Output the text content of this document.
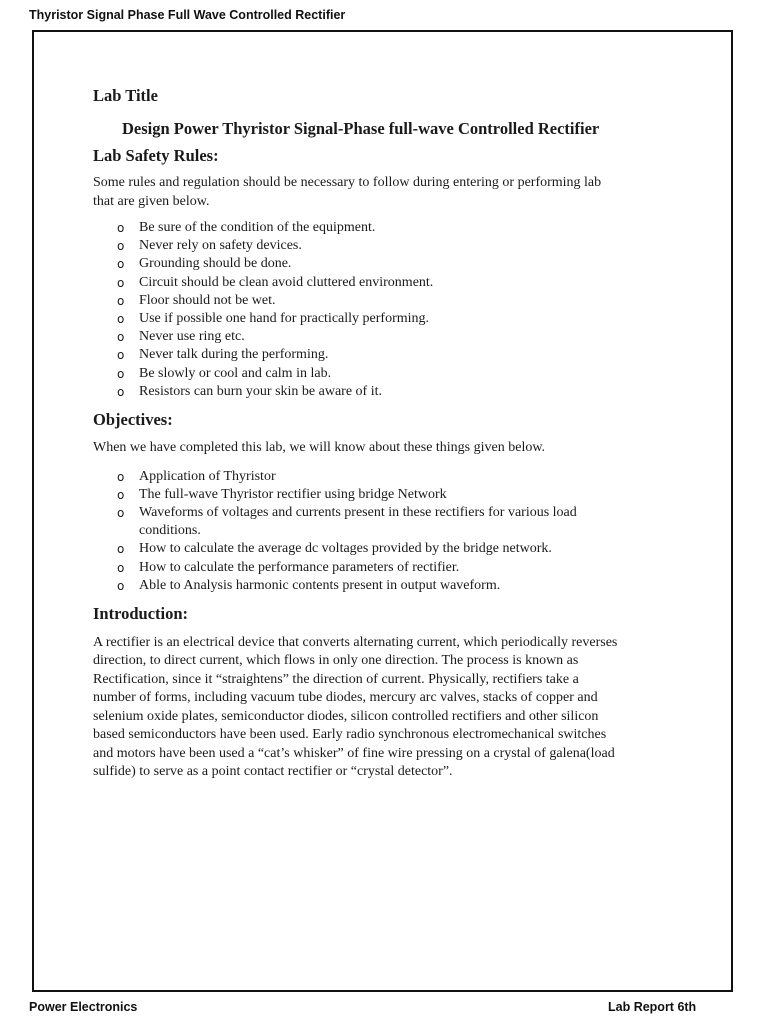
Thyristor Signal Phase Full Wave Controlled Rectifier
Lab Title
Design Power Thyristor Signal-Phase full-wave Controlled Rectifier
Lab Safety Rules:

Some rules and regulation should be necessary to follow during entering or performing lab
that are given below.

o Be sure of the condition of the equipment.
o Never rely on safety devices.
o Grounding should be done.
o Circuit should be clean avoid cluttered environment.
o Floor should not be wet.
o Use if possible one hand for practically performing.
o Never use ring etc.
o Never talk during the performing.
o Be slowly or cool and calm in lab.
o Resistors can burn your skin be aware of it.
Objectives:

When we have completed this lab, we will know about these things given below.

o Application of Thyristor
o The full-wave Thyristor rectifier using bridge Network
o Waveforms of voltages and currents present in these rectifiers for various load
conditions.
o How to calculate the average dc voltages provided by the bridge network.
o How to calculate the performance parameters of rectifier.
o Able to Analysis harmonic contents present in output waveform.
Introduction:

A rectifier is an electrical device that converts alternating current, which periodically reverses
direction, to direct current, which flows in only one direction. The process is known as
Rectification, since it “straightens” the direction of current. Physically, rectifiers take a
number of forms, including vacuum tube diodes, mercury arc valves, stacks of copper and
selenium oxide plates, semiconductor diodes, silicon controlled rectifiers and other silicon
based semiconductors have been used. Early radio synchronous electromechanical switches
and motors have been used a “cat’s whisker” of fine wire pressing on a crystal of galena(load
sulfide) to serve as a point contact rectifier or “crystal detector”.

Power Electronics	Lab Report 6th
